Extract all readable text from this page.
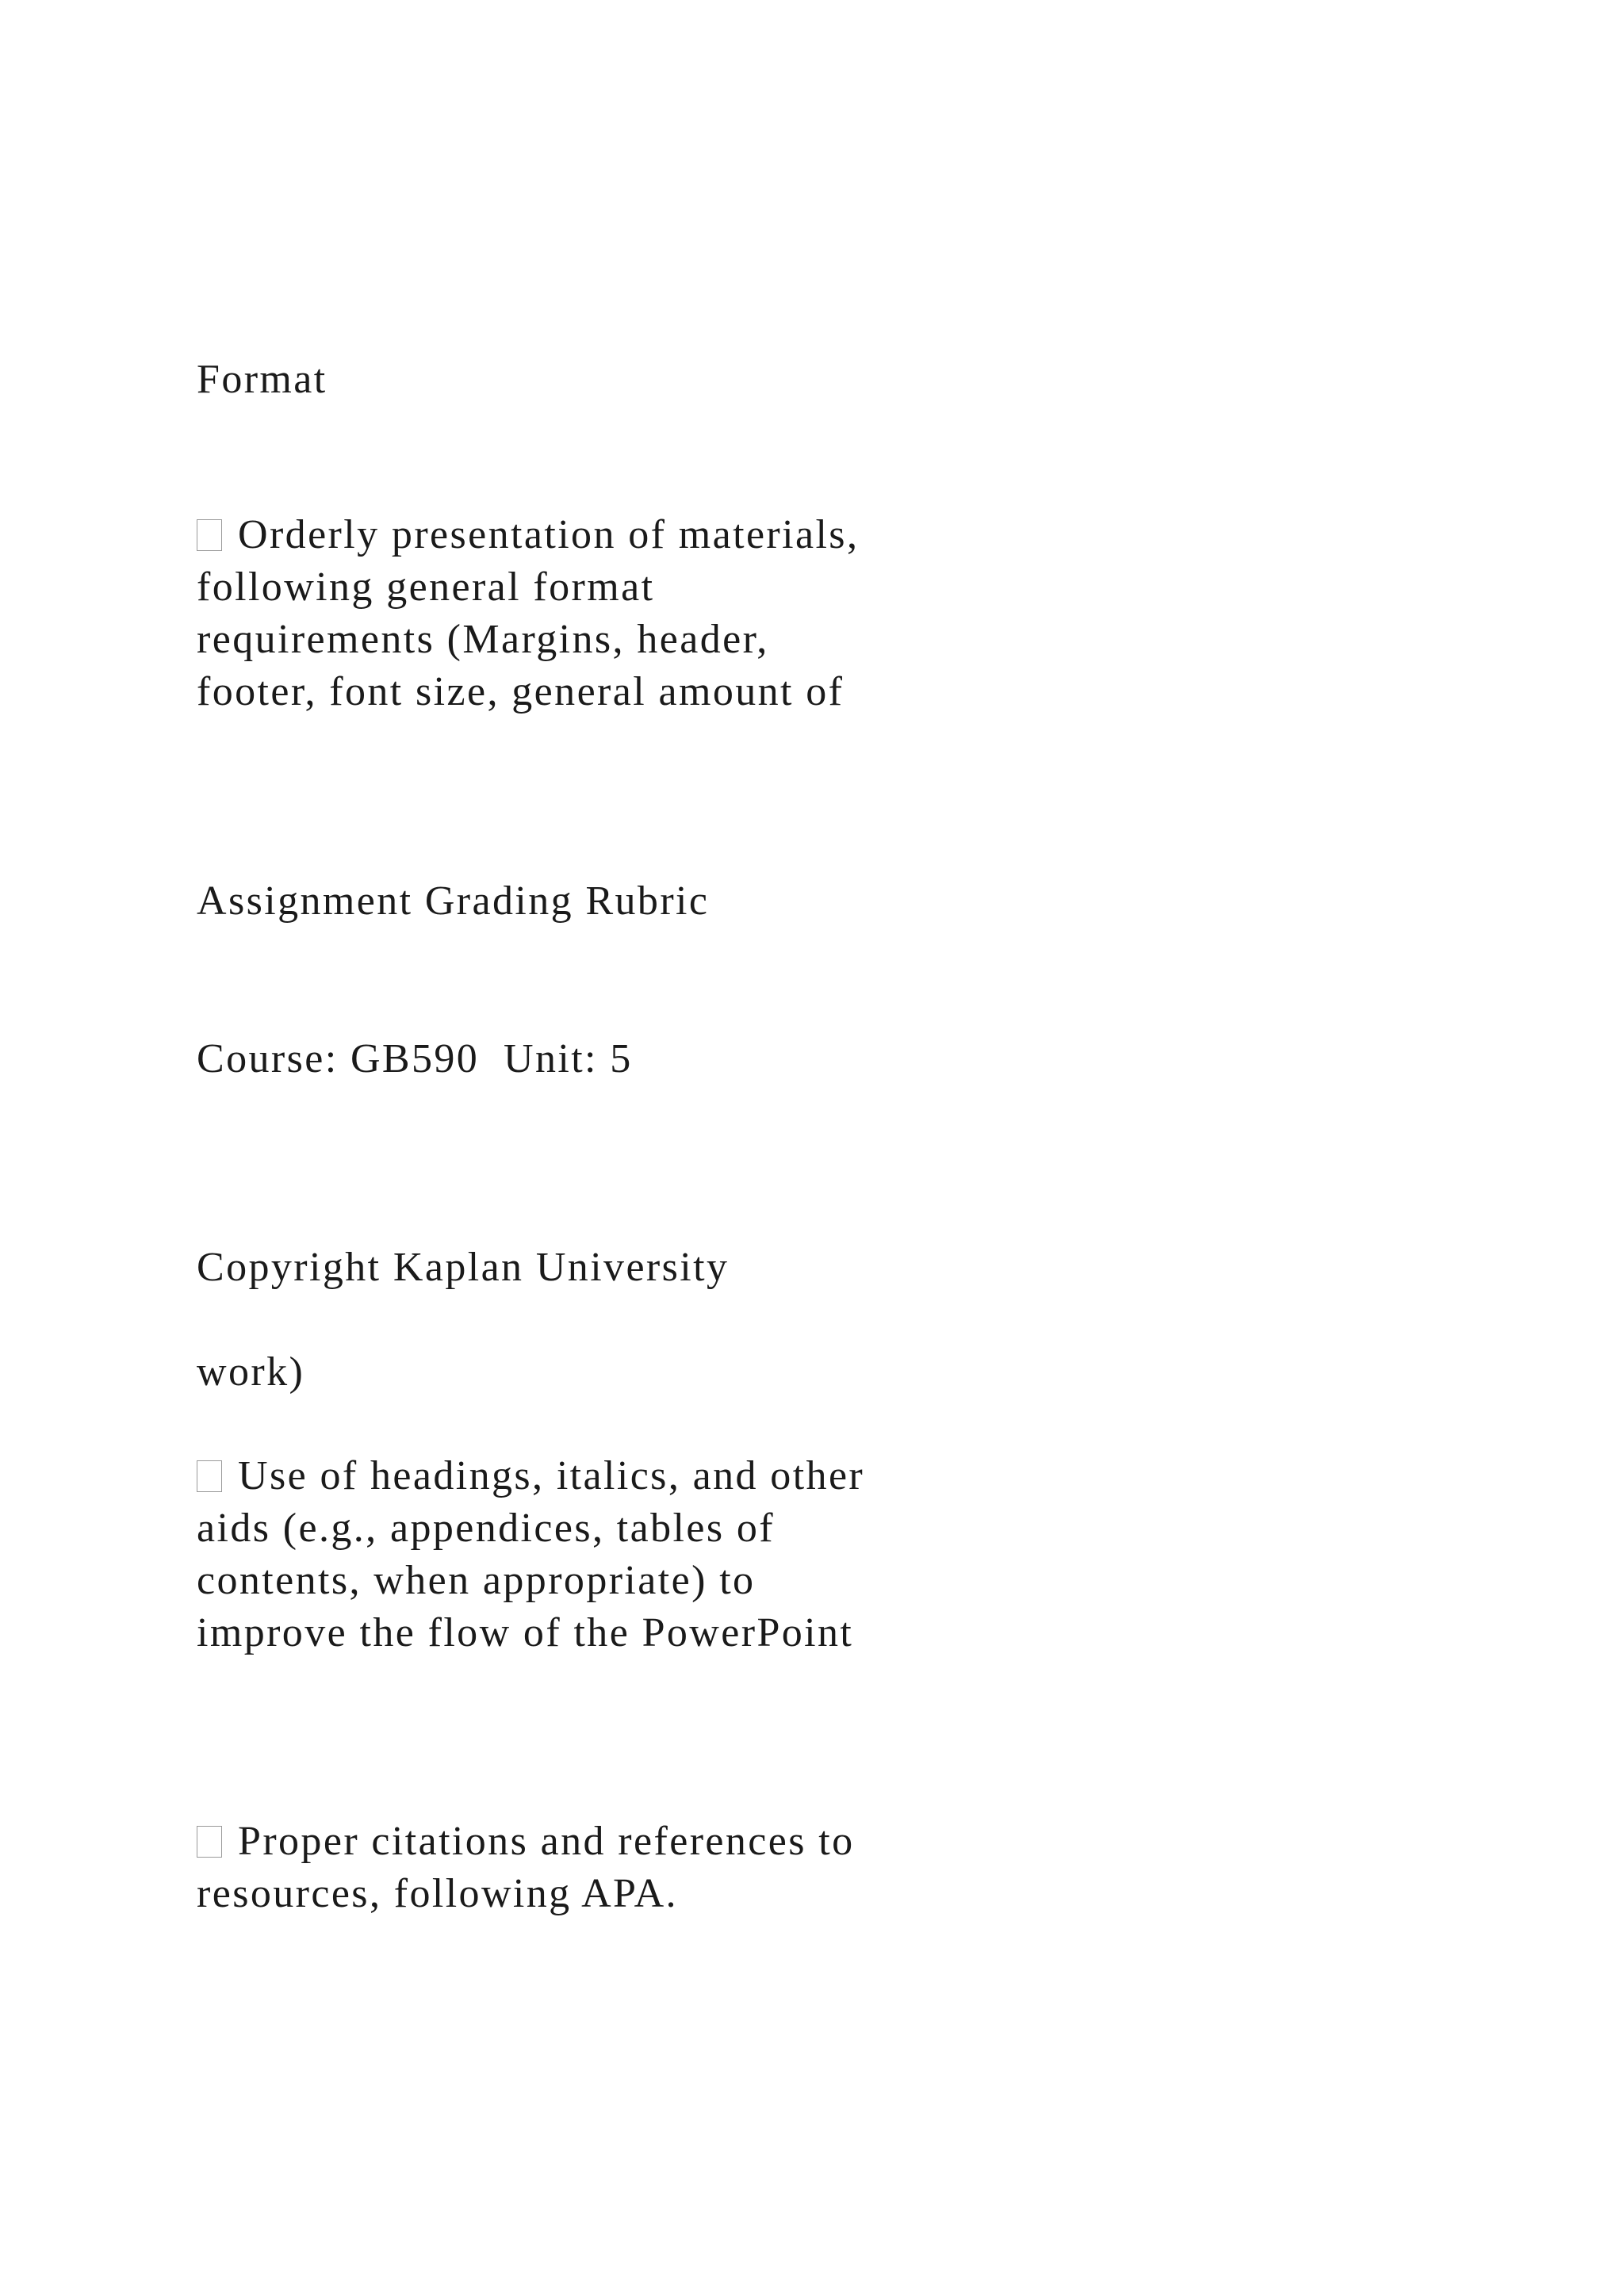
Format

Orderly presentation of materials,

following general format

requirements (Margins, header,

footer, font size, general amount of

Assignment Grading Rubric

Course: GB590  Unit: 5

Copyright Kaplan University

work)

Use of headings, italics, and other

aids (e.g., appendices, tables of

contents, when appropriate) to

improve the flow of the PowerPoint

Proper citations and references to

resources, following APA.
